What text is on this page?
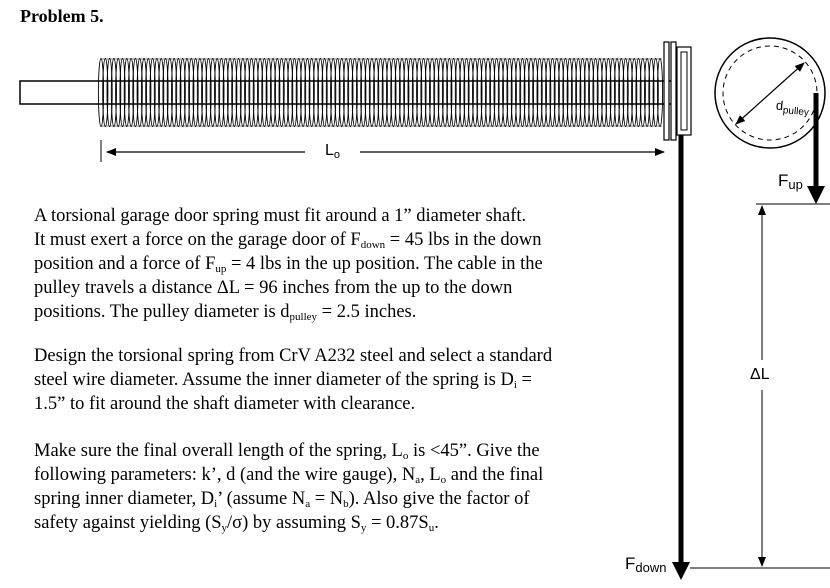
Problem 5.
A torsional garage door spring must fit around a 1” diameter shaft.
It must exert a force on the garage door of $F_{down} = 45$ lbs in the down
position and a force of $F_{up} = 4$ lbs in the up position. The cable in the
pulley travels a distance ΔL = 96 inches from the up to the down
positions. The pulley diameter is $d_{pulley} = 2.5$ inches.
Design the torsional spring from CrV A232 steel and select a standard
steel wire diameter. Assume the inner diameter of the spring is $D_i$ =
1.5” to fit around the shaft diameter with clearance.
Make sure the final overall length of the spring, $L_o$ is <45”. Give the
following parameters: k’, d (and the wire gauge), $N_a$, $L_o$ and the final
spring inner diameter, $D_i$’ (assume $N_a = N_b$). Also give the factor of
safety against yielding $(S_y/\sigma)$ by assuming $S_y = 0.87S_u$.
$L_o$
$d_{pulley}$
$F_{up}$
$F_{down}$
ΔL
